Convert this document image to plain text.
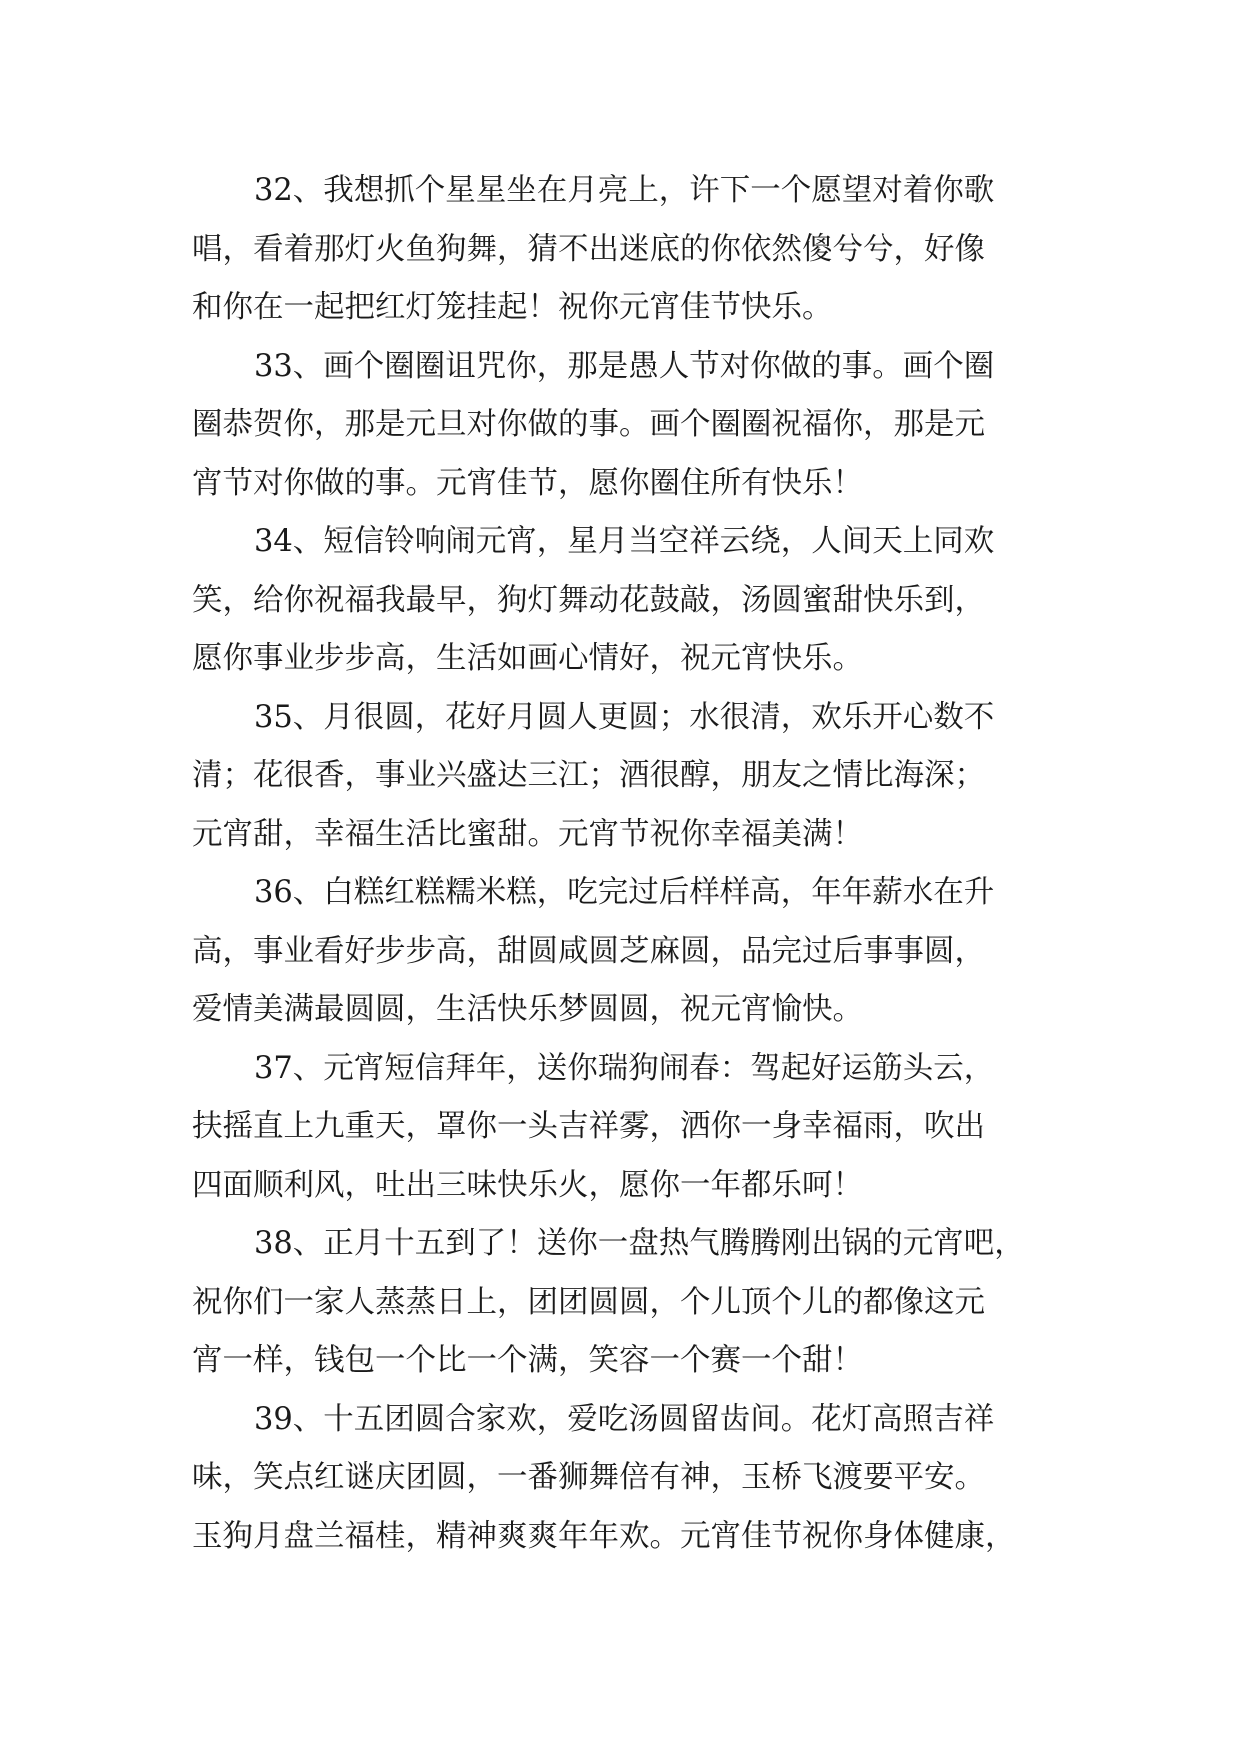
32、我想抓个星星坐在月亮上，许下一个愿望对着你歌
唱，看着那灯火鱼狗舞，猜不出迷底的你依然傻兮兮，好像
和你在一起把红灯笼挂起！祝你元宵佳节快乐。
33、画个圈圈诅咒你，那是愚人节对你做的事。画个圈
圈恭贺你，那是元旦对你做的事。画个圈圈祝福你，那是元
宵节对你做的事。元宵佳节，愿你圈住所有快乐！
34、短信铃响闹元宵，星月当空祥云绕，人间天上同欢
笑，给你祝福我最早，狗灯舞动花鼓敲，汤圆蜜甜快乐到，
愿你事业步步高，生活如画心情好，祝元宵快乐。
35、月很圆，花好月圆人更圆；水很清，欢乐开心数不
清；花很香，事业兴盛达三江；酒很醇，朋友之情比海深；
元宵甜，幸福生活比蜜甜。元宵节祝你幸福美满！
36、白糕红糕糯米糕，吃完过后样样高，年年薪水在升
高，事业看好步步高，甜圆咸圆芝麻圆，品完过后事事圆，
爱情美满最圆圆，生活快乐梦圆圆，祝元宵愉快。
37、元宵短信拜年，送你瑞狗闹春：驾起好运筋头云，
扶摇直上九重天，罩你一头吉祥雾，洒你一身幸福雨，吹出
四面顺利风，吐出三味快乐火，愿你一年都乐呵！
38、正月十五到了！送你一盘热气腾腾刚出锅的元宵吧，
祝你们一家人蒸蒸日上，团团圆圆，个儿顶个儿的都像这元
宵一样，钱包一个比一个满，笑容一个赛一个甜！
39、十五团圆合家欢，爱吃汤圆留齿间。花灯高照吉祥
味，笑点红谜庆团圆，一番狮舞倍有神，玉桥飞渡要平安。
玉狗月盘兰福桂，精神爽爽年年欢。元宵佳节祝你身体健康，
